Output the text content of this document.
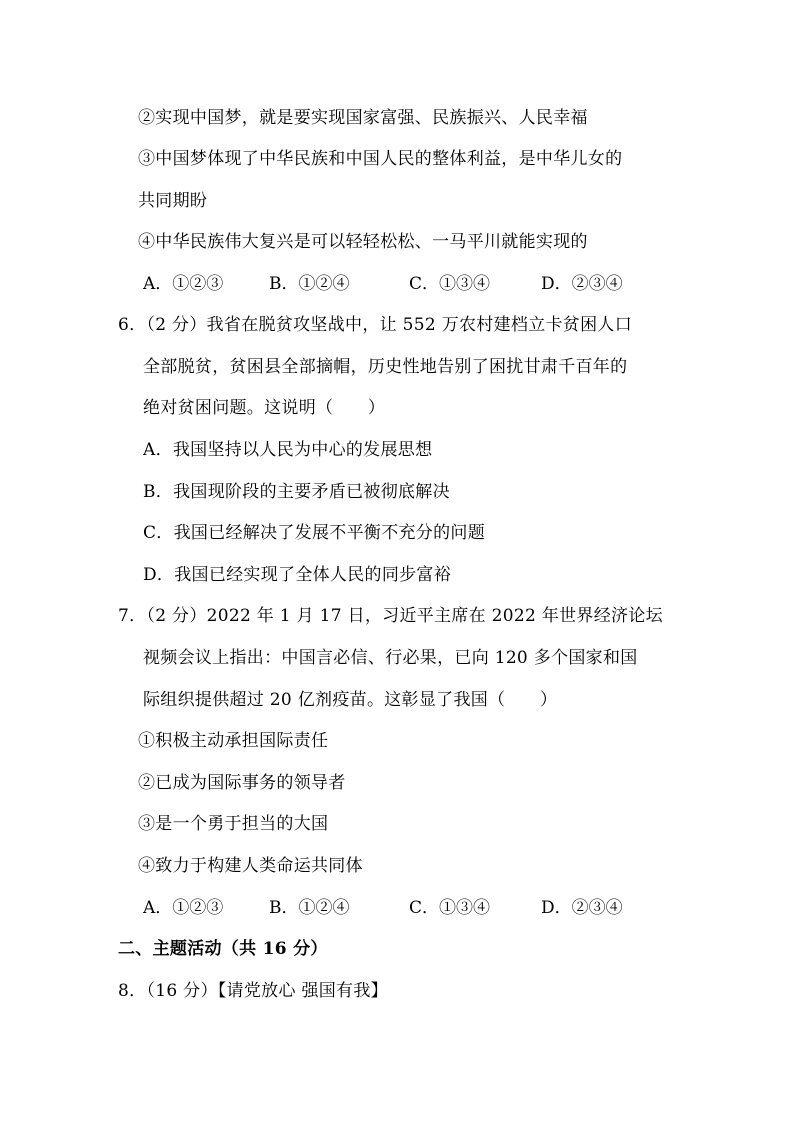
②实现中国梦，就是要实现国家富强、民族振兴、人民幸福
③中国梦体现了中华民族和中国人民的整体利益，是中华儿女的
共同期盼
④中华民族伟大复兴是可以轻轻松松、一马平川就能实现的
A．①②③	B．①②④	C．①③④	D．②③④
6．（2 分）我省在脱贫攻坚战中，让 552 万农村建档立卡贫困人口
全部脱贫，贫困县全部摘帽，历史性地告别了困扰甘肃千百年的
绝对贫困问题。这说明（　　）
A．我国坚持以人民为中心的发展思想
B．我国现阶段的主要矛盾已被彻底解决
C．我国已经解决了发展不平衡不充分的问题
D．我国已经实现了全体人民的同步富裕
7．（2 分）2022 年 1 月 17 日，习近平主席在 2022 年世界经济论坛
视频会议上指出：中国言必信、行必果，已向 120 多个国家和国
际组织提供超过 20 亿剂疫苗。这彰显了我国（　　）
①积极主动承担国际责任
②已成为国际事务的领导者
③是一个勇于担当的大国
④致力于构建人类命运共同体
A．①②③	B．①②④	C．①③④	D．②③④
二、主题活动（共 16 分）
8．（16 分）【请党放心 强国有我】
